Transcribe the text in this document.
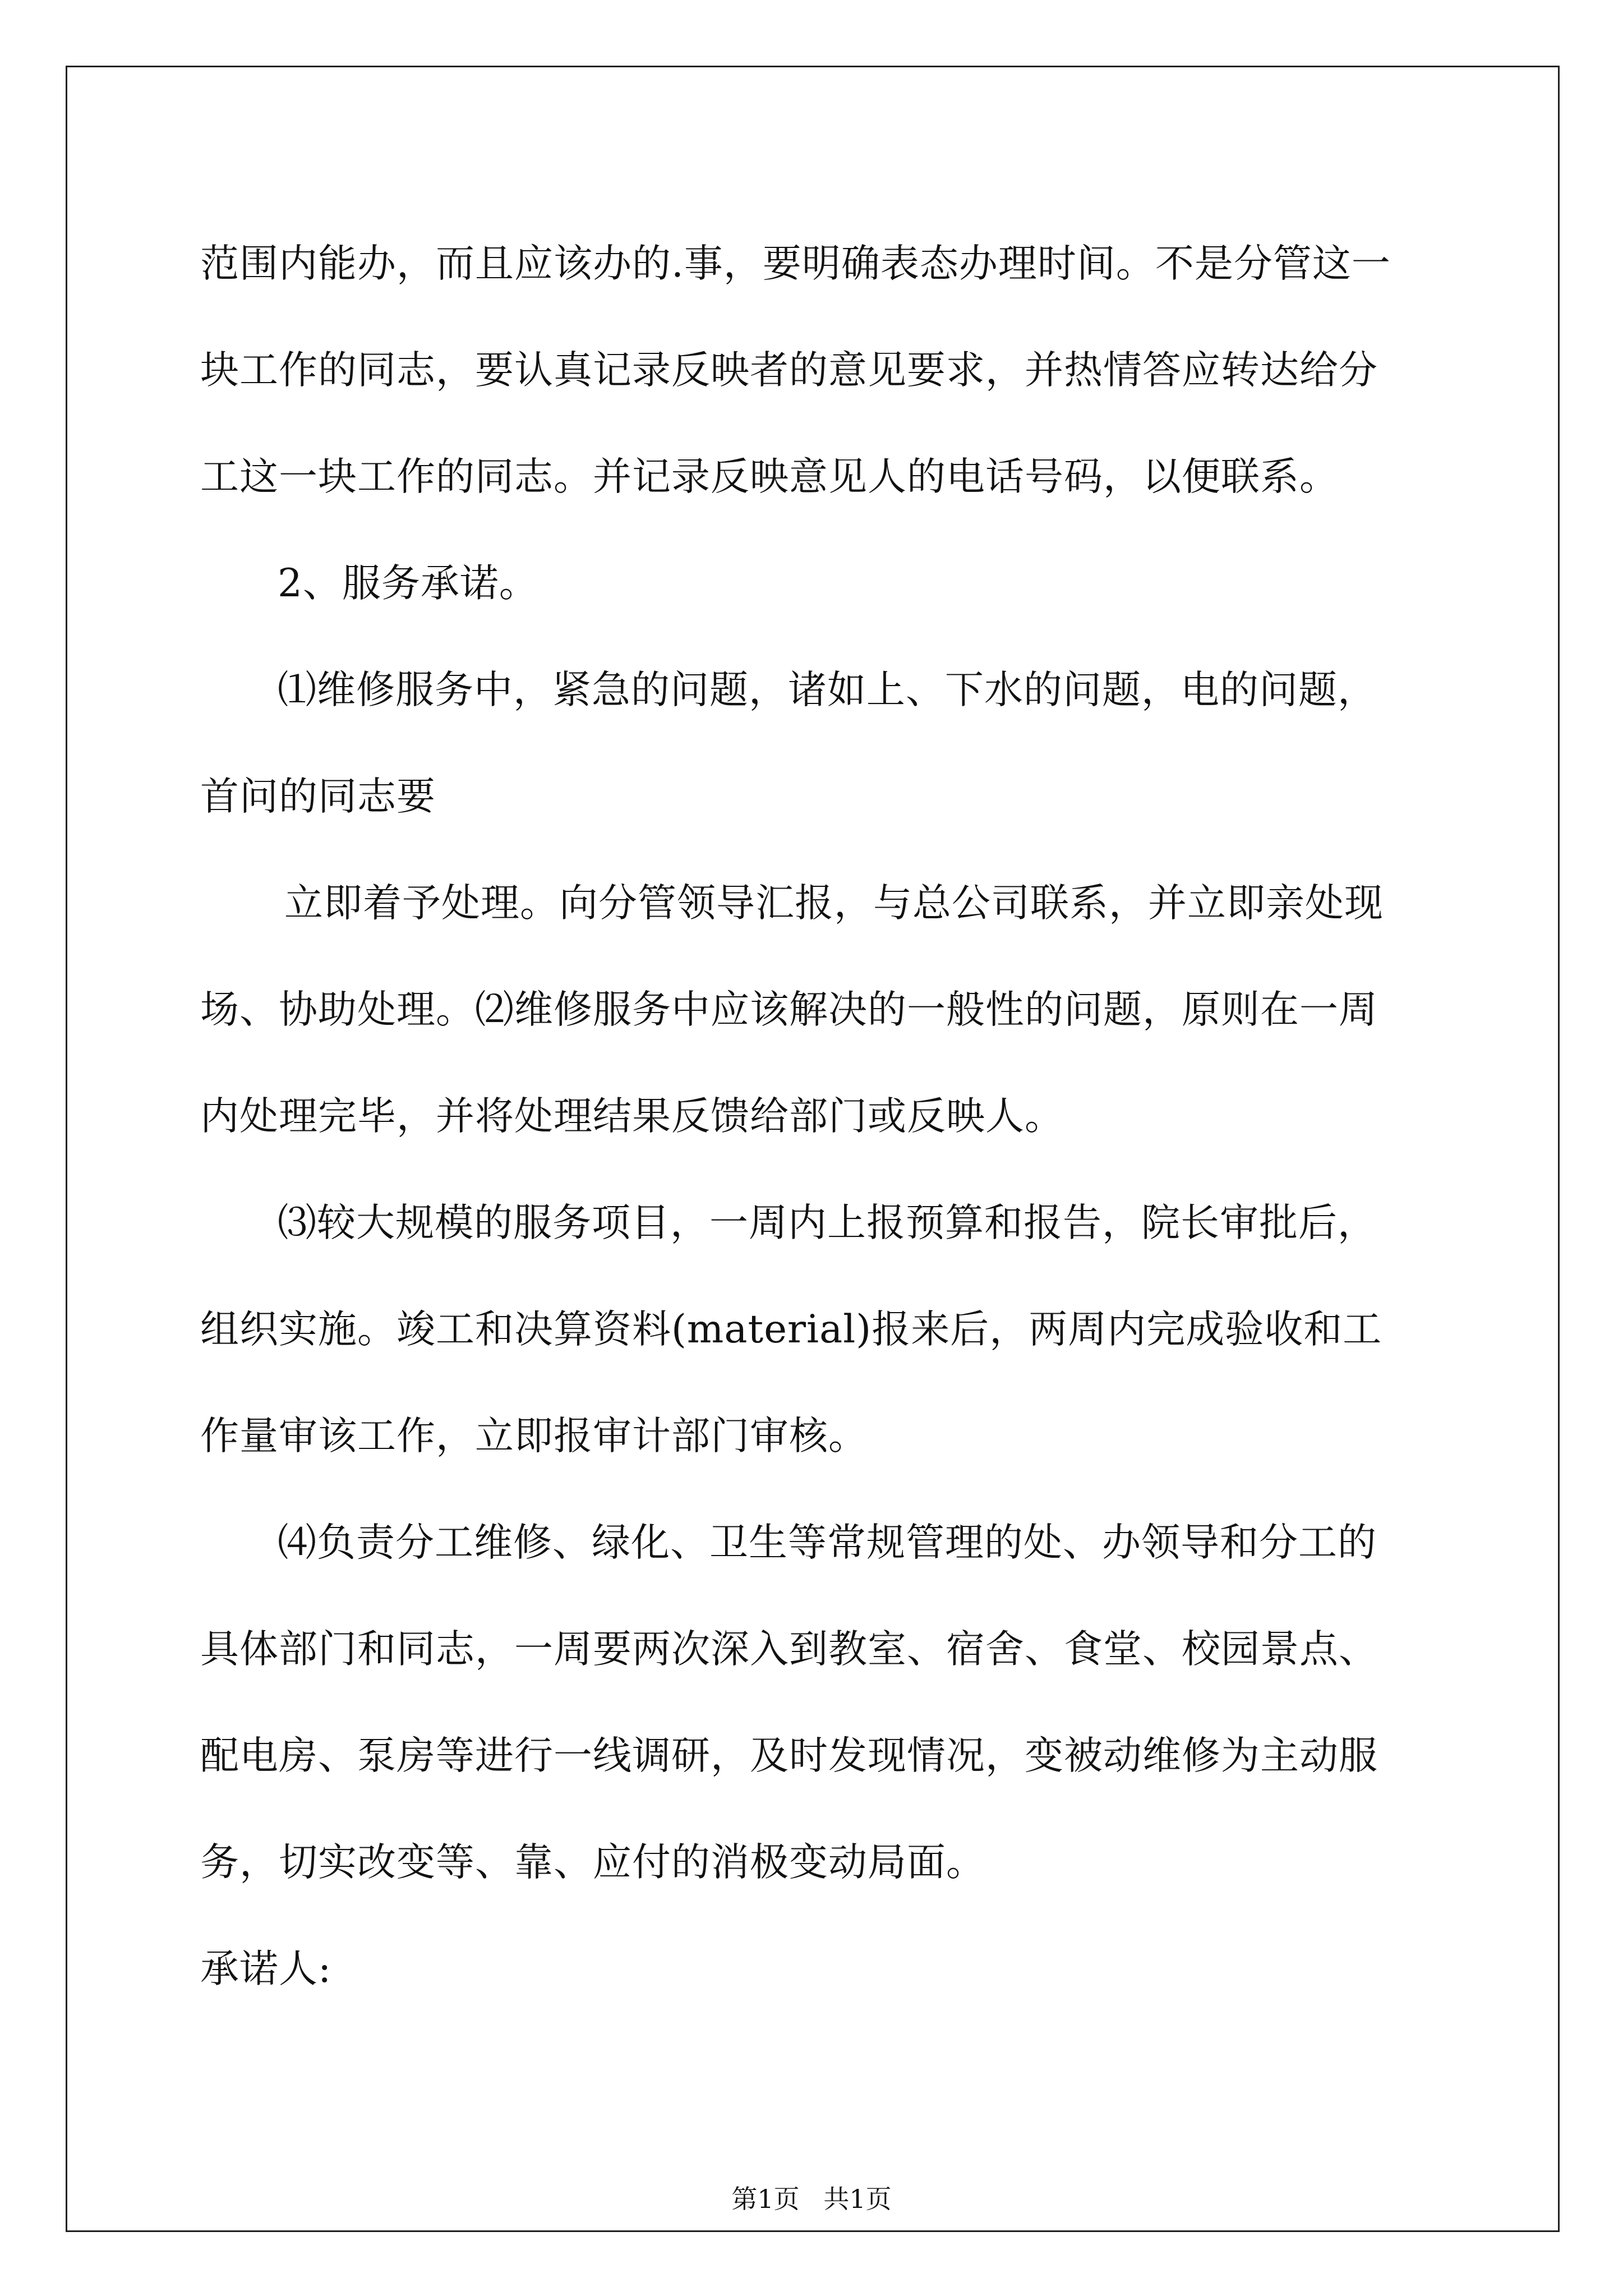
范围内能办，而且应该办的.事，要明确表态办理时间。不是分管这一
块工作的同志，要认真记录反映者的意见要求，并热情答应转达给分
工这一块工作的同志。并记录反映意见人的电话号码，以便联系。
2、服务承诺。
⑴维修服务中，紧急的问题，诸如上、下水的问题，电的问题，
首问的同志要
立即着予处理。向分管领导汇报，与总公司联系，并立即亲处现
场、协助处理。⑵维修服务中应该解决的一般性的问题，原则在一周
内处理完毕，并将处理结果反馈给部门或反映人。
⑶较大规模的服务项目，一周内上报预算和报告，院长审批后，
组织实施。竣工和决算资料(material)报来后，两周内完成验收和工
作量审该工作，立即报审计部门审核。
⑷负责分工维修、绿化、卫生等常规管理的处、办领导和分工的
具体部门和同志，一周要两次深入到教室、宿舍、食堂、校园景点、
配电房、泵房等进行一线调研，及时发现情况，变被动维修为主动服
务，切实改变等、靠、应付的消极变动局面。
承诺人:
第1页 共1页
